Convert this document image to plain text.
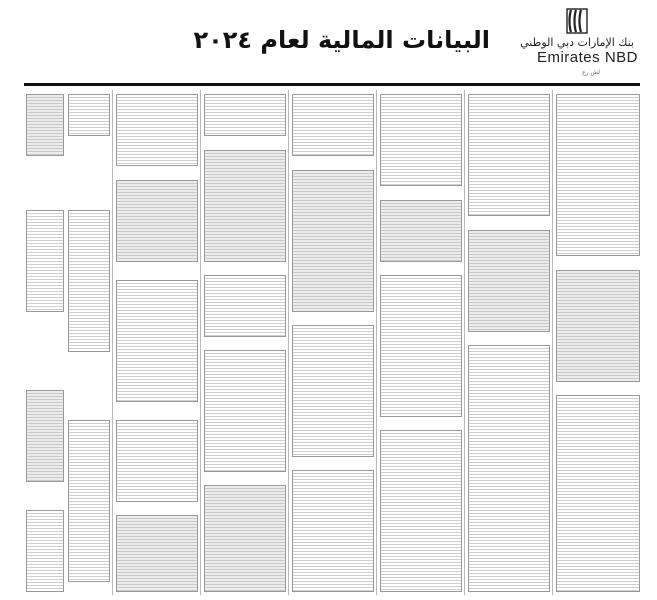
البيانات المالية لعام ٢٠٢٤	بنك الإمارات دبي الوطني
Emirates NBD
لش رع
